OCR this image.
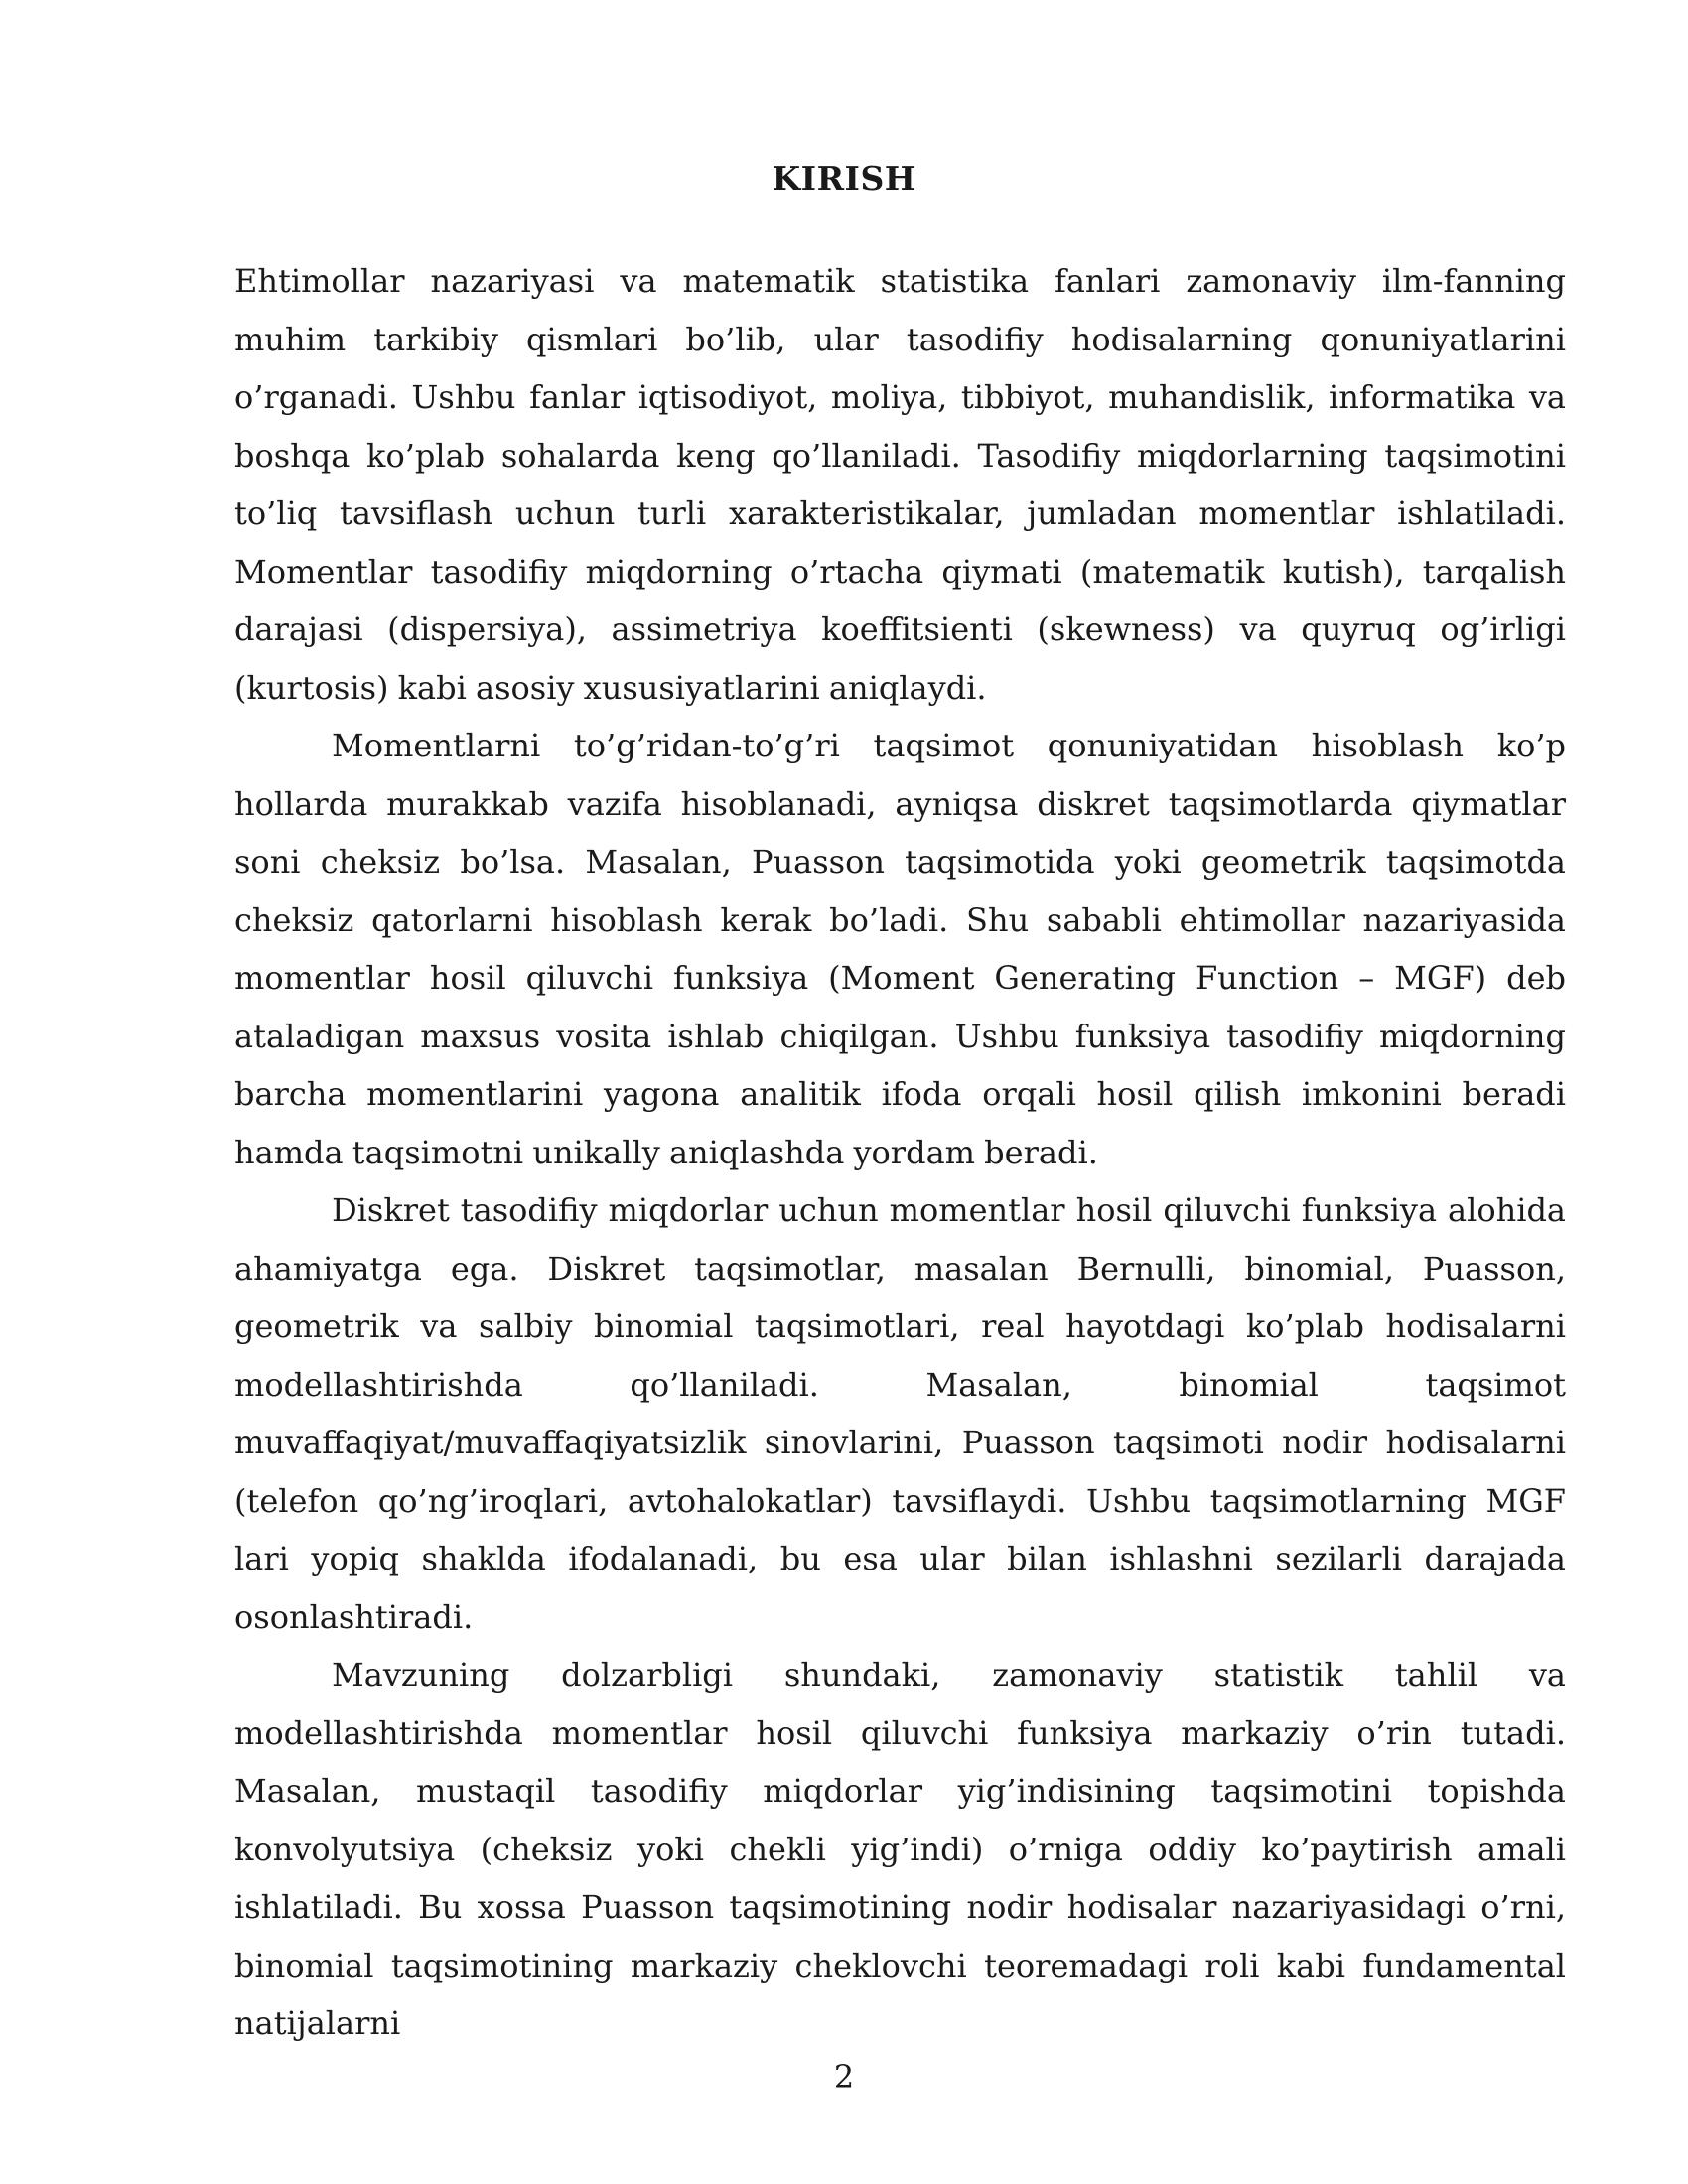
KIRISH

Ehtimollar nazariyasi va matematik statistika fanlari zamonaviy ilm-fanning muhim tarkibiy qismlari bo’lib, ular tasodifiy hodisalarning qonuniyatlarini o’rganadi. Ushbu fanlar iqtisodiyot, moliya, tibbiyot, muhandislik, informatika va boshqa ko’plab sohalarda keng qo’llaniladi. Tasodifiy miqdorlarning taqsimotini to’liq tavsiflash uchun turli xarakteristikalar, jumladan momentlar ishlatiladi. Momentlar tasodifiy miqdorning o’rtacha qiymati (matematik kutish), tarqalish darajasi (dispersiya), assimetriya koeffitsienti (skewness) va quyruq og’irligi (kurtosis) kabi asosiy xususiyatlarini aniqlaydi.

Momentlarni to’g’ridan-to’g’ri taqsimot qonuniyatidan hisoblash ko’p hollarda murakkab vazifa hisoblanadi, ayniqsa diskret taqsimotlarda qiymatlar soni cheksiz bo’lsa. Masalan, Puasson taqsimotida yoki geometrik taqsimotda cheksiz qatorlarni hisoblash kerak bo’ladi. Shu sababli ehtimollar nazariyasida momentlar hosil qiluvchi funksiya (Moment Generating Function – MGF) deb ataladigan maxsus vosita ishlab chiqilgan. Ushbu funksiya tasodifiy miqdorning barcha momentlarini yagona analitik ifoda orqali hosil qilish imkonini beradi hamda taqsimotni unikally aniqlashda yordam beradi.

Diskret tasodifiy miqdorlar uchun momentlar hosil qiluvchi funksiya alohida ahamiyatga ega. Diskret taqsimotlar, masalan Bernulli, binomial, Puasson, geometrik va salbiy binomial taqsimotlari, real hayotdagi ko’plab hodisalarni modellashtirishda qo’llaniladi. Masalan, binomial taqsimot muvaffaqiyat/muvaffaqiyatsizlik sinovlarini, Puasson taqsimoti nodir hodisalarni (telefon qo’ng’iroqlari, avtohalokatlar) tavsiflaydi. Ushbu taqsimotlarning MGF lari yopiq shaklda ifodalanadi, bu esa ular bilan ishlashni sezilarli darajada osonlashtiradi.

Mavzuning dolzarbligi shundaki, zamonaviy statistik tahlil va modellashtirishda momentlar hosil qiluvchi funksiya markaziy o’rin tutadi. Masalan, mustaqil tasodifiy miqdorlar yig’indisining taqsimotini topishda konvolyutsiya (cheksiz yoki chekli yig’indi) o’rniga oddiy ko’paytirish amali ishlatiladi. Bu xossa Puasson taqsimotining nodir hodisalar nazariyasidagi o’rni, binomial taqsimotining markaziy cheklovchi teoremadagi roli kabi fundamental natijalarni

2
